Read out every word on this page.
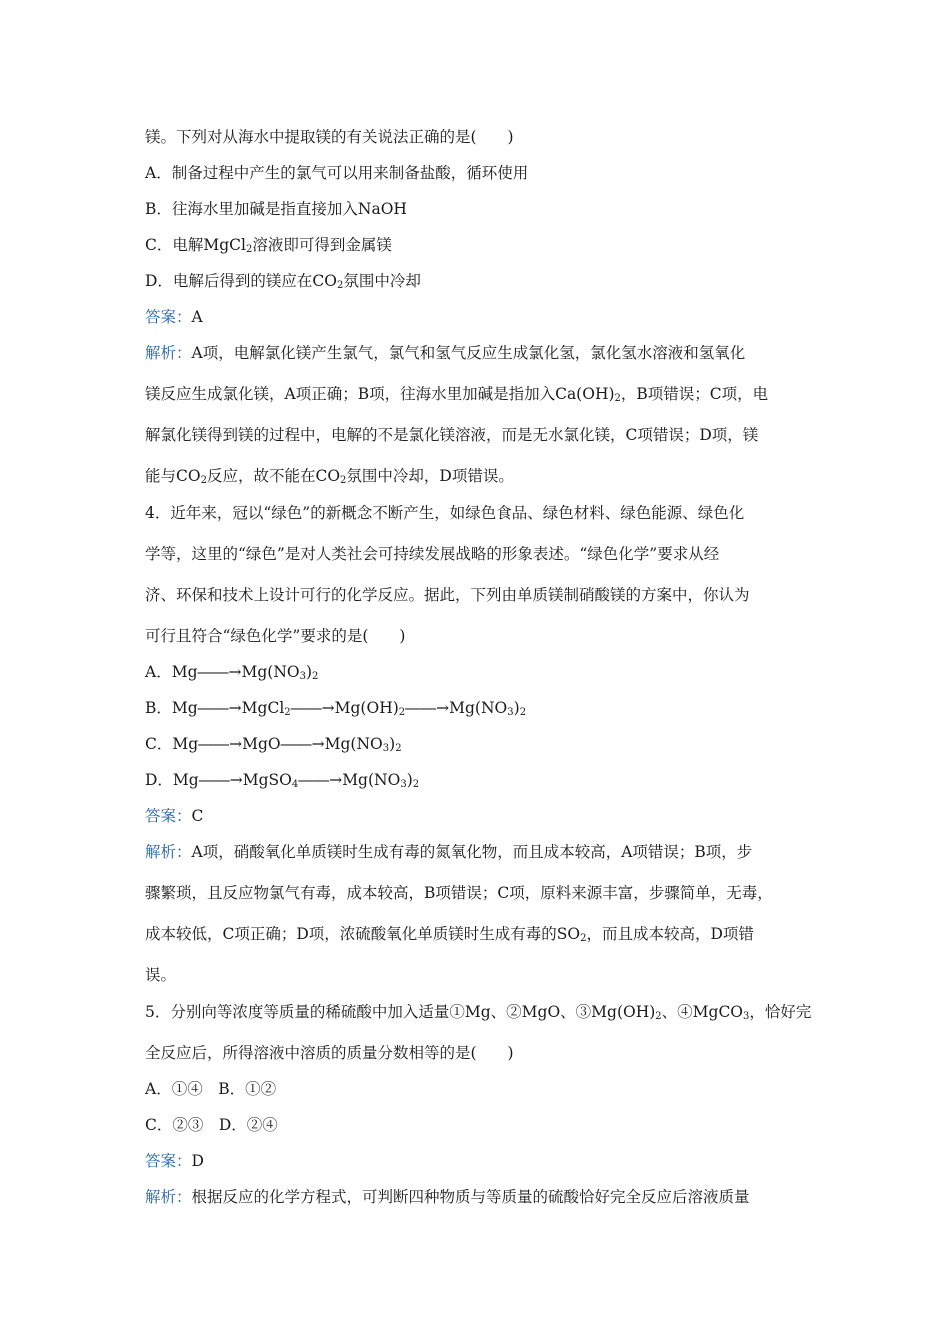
镁。下列对从海水中提取镁的有关说法正确的是(　　)
A．制备过程中产生的氯气可以用来制备盐酸，循环使用
B．往海水里加碱是指直接加入NaOH
C．电解MgCl$_2$溶液即可得到金属镁
D．电解后得到的镁应在$CO_2$氛围中冷却
答案：A
解析：A项，电解氯化镁产生氯气，氯气和氢气反应生成氯化氢，氯化氢水溶液和氢氧化
镁反应生成氯化镁，A项正确；B项，往海水里加碱是指加入$Ca(OH)_2$，B项错误；C项，电
解氯化镁得到镁的过程中，电解的不是氯化镁溶液，而是无水氯化镁，C项错误；D项，镁
能与$CO_2$反应，故不能在$CO_2$氛围中冷却，D项错误。
4．近年来，冠以“绿色”的新概念不断产生，如绿色食品、绿色材料、绿色能源、绿色化
学等，这里的“绿色”是对人类社会可持续发展战略的形象表述。“绿色化学”要求从经
济、环保和技术上设计可行的化学反应。据此，下列由单质镁制硝酸镁的方案中，你认为
可行且符合“绿色化学”要求的是(　　)
A．$Mg――\to Mg(NO_3)_2$
B．$Mg――\to MgCl_2――\to Mg(OH)_2――\to Mg(NO_3)_2$
C．$Mg――\to MgO――\to Mg(NO_3)_2$
D．$Mg――\to MgSO_4――\to Mg(NO_3)_2$
答案：C
解析：A项，硝酸氧化单质镁时生成有毒的氮氧化物，而且成本较高，A项错误；B项，步
骤繁琐，且反应物氯气有毒，成本较高，B项错误；C项，原料来源丰富，步骤简单，无毒，
成本较低，C项正确；D项，浓硫酸氧化单质镁时生成有毒的$SO_2$，而且成本较高，D项错
误。
5．分别向等浓度等质量的稀硫酸中加入适量①Mg、②MgO、$③Mg(OH)_2$、④MgCO$_3$，恰好完
全反应后，所得溶液中溶质的质量分数相等的是(　　)
A．①④　B．①②
C．②③　D．②④
答案：D
解析：根据反应的化学方程式，可判断四种物质与等质量的硫酸恰好完全反应后溶液质量
